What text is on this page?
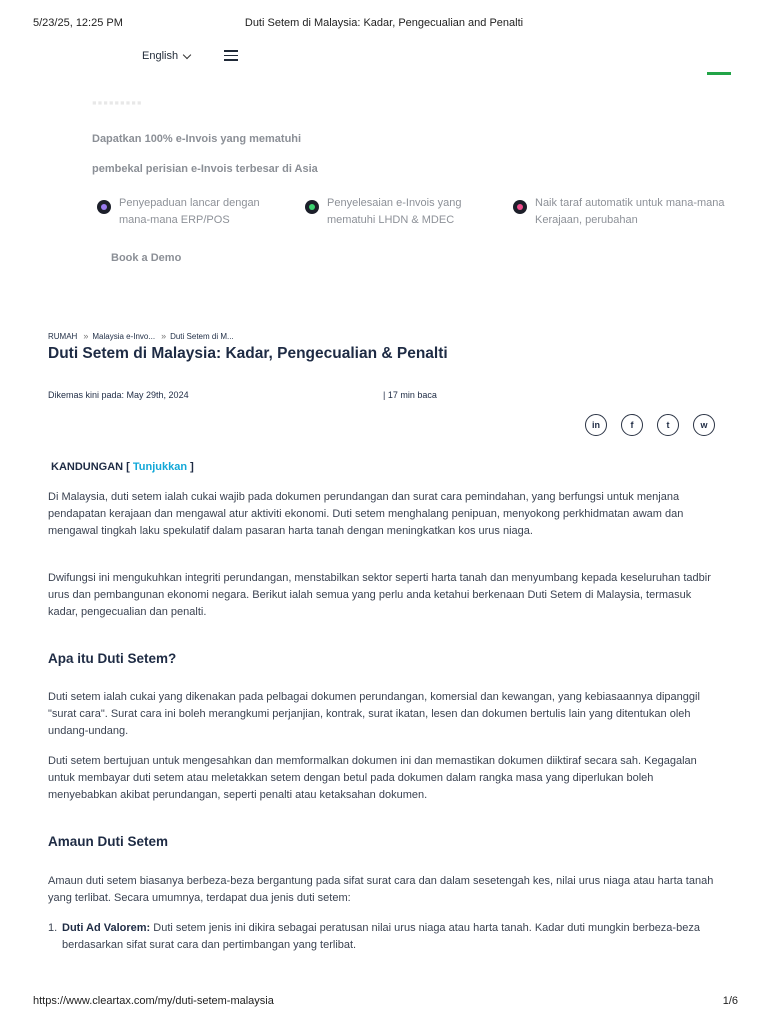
5/23/25, 12:25 PM	Duti Setem di Malaysia: Kadar, Pengecualian and Penalti
English
▪▪▪▪▪▪▪▪▪
Dapatkan 100% e-Invois yang mematuhi
pembekal perisian e-Invois terbesar di Asia
Penyepaduan lancar dengan mana-mana ERP/POS
Penyelesaian e-Invois yang mematuhi LHDN & MDEC
Naik taraf automatik untuk mana-mana Kerajaan, perubahan
Book a Demo
RUMAH » Malaysia e-Invo... » Duti Setem di M...
Duti Setem di Malaysia: Kadar, Pengecualian & Penalti
Dikemas kini pada: May 29th, 2024	| 17 min baca
in	f	t	w
KANDUNGAN [ Tunjukkan ]

Di Malaysia, duti setem ialah cukai wajib pada dokumen perundangan dan surat cara pemindahan, yang berfungsi untuk menjana pendapatan kerajaan dan mengawal atur aktiviti ekonomi. Duti setem menghalang penipuan, menyokong perkhidmatan awam dan mengawal tingkah laku spekulatif dalam pasaran harta tanah dengan meningkatkan kos urus niaga.

Dwifungsi ini mengukuhkan integriti perundangan, menstabilkan sektor seperti harta tanah dan menyumbang kepada keseluruhan tadbir urus dan pembangunan ekonomi negara. Berikut ialah semua yang perlu anda ketahui berkenaan Duti Setem di Malaysia, termasuk kadar, pengecualian dan penalti.

Apa itu Duti Setem?

Duti setem ialah cukai yang dikenakan pada pelbagai dokumen perundangan, komersial dan kewangan, yang kebiasaannya dipanggil "surat cara". Surat cara ini boleh merangkumi perjanjian, kontrak, surat ikatan, lesen dan dokumen bertulis lain yang ditentukan oleh undang-undang.

Duti setem bertujuan untuk mengesahkan dan memformalkan dokumen ini dan memastikan dokumen diiktiraf secara sah. Kegagalan untuk membayar duti setem atau meletakkan setem dengan betul pada dokumen dalam rangka masa yang diperlukan boleh menyebabkan akibat perundangan, seperti penalti atau ketaksahan dokumen.

Amaun Duti Setem

Amaun duti setem biasanya berbeza-beza bergantung pada sifat surat cara dan dalam sesetengah kes, nilai urus niaga atau harta tanah yang terlibat. Secara umumnya, terdapat dua jenis duti setem:

1. Duti Ad Valorem: Duti setem jenis ini dikira sebagai peratusan nilai urus niaga atau harta tanah. Kadar duti mungkin berbeza-beza berdasarkan sifat surat cara dan pertimbangan yang terlibat.
https://www.cleartax.com/my/duti-setem-malaysia	1/6
